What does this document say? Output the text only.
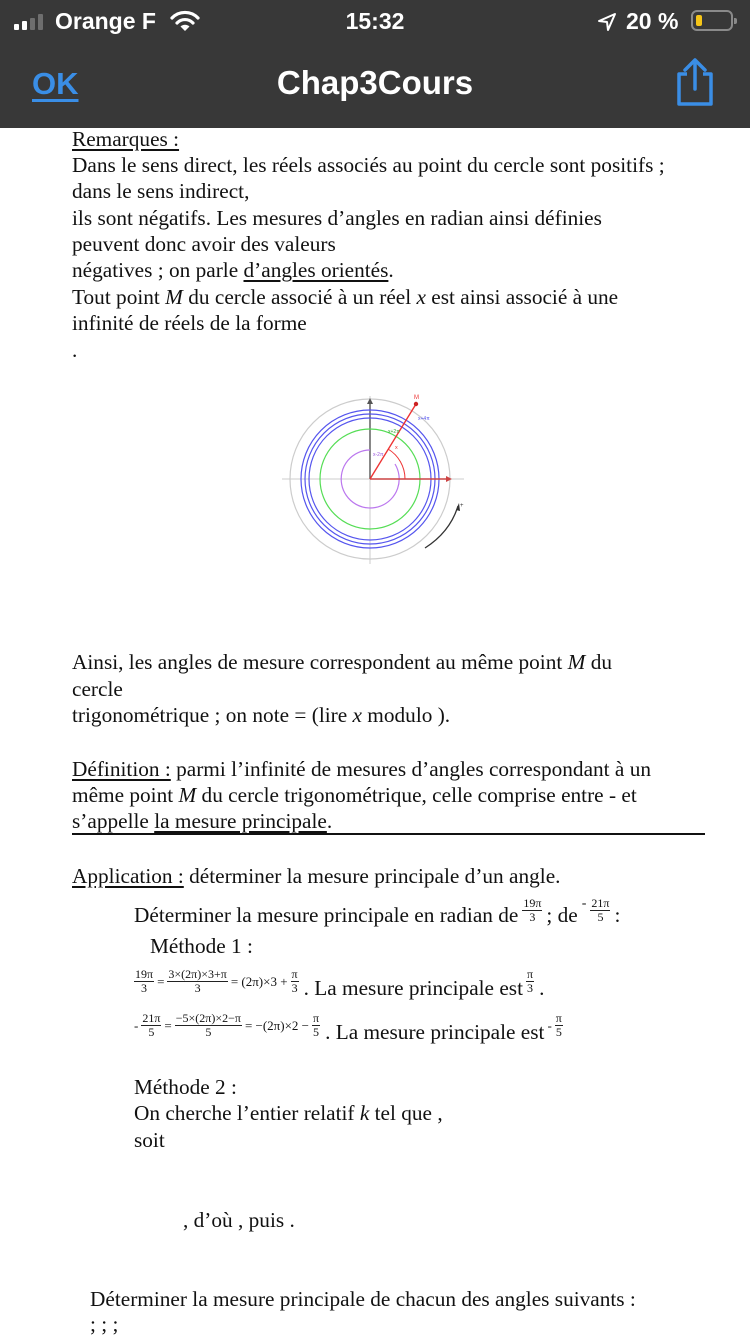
Orange F	15:32	20 %
OK	Chap3Cours
Remarques :
Dans le sens direct, les réels associés au point du cercle sont positifs ;
dans le sens indirect,
ils sont négatifs. Les mesures d’angles en radian ainsi définies
peuvent donc avoir des valeurs
négatives ; on parle d’angles orientés.
Tout point M du cercle associé à un réel x est ainsi associé à une
infinité de réels de la forme
.
M
x
x+2π
x+4π
x-2π
+
Ainsi, les angles de mesure correspondent au même point M du
cercle
trigonométrique ; on note = (lire x modulo ).
Définition : parmi l’infinité de mesures d’angles correspondant à un
même point M du cercle trigonométrique, celle comprise entre - et
s’appelle la mesure principale.
Application : déterminer la mesure principale d’un angle.
Déterminer la mesure principale en radian de $\frac{19\pi}{3}$ ; de - $\frac{21\pi}{5}$ :
Méthode 1 :
$\frac{19\pi}{3} = \frac{3\times(2\pi)\times 3+\pi}{3} = (2\pi)\times 3 + \frac{\pi}{3}$ . La mesure principale est $\frac{\pi}{3}$ .
- $\frac{21\pi}{5} = \frac{-5\times(2\pi)\times 2-\pi}{5} = -(2\pi)\times 2 - \frac{\pi}{5}$ . La mesure principale est - $\frac{\pi}{5}$
Méthode 2 :
On cherche l’entier relatif k tel que ,
soit
, d’où , puis .
Déterminer la mesure principale de chacun des angles suivants :
; ; ;
